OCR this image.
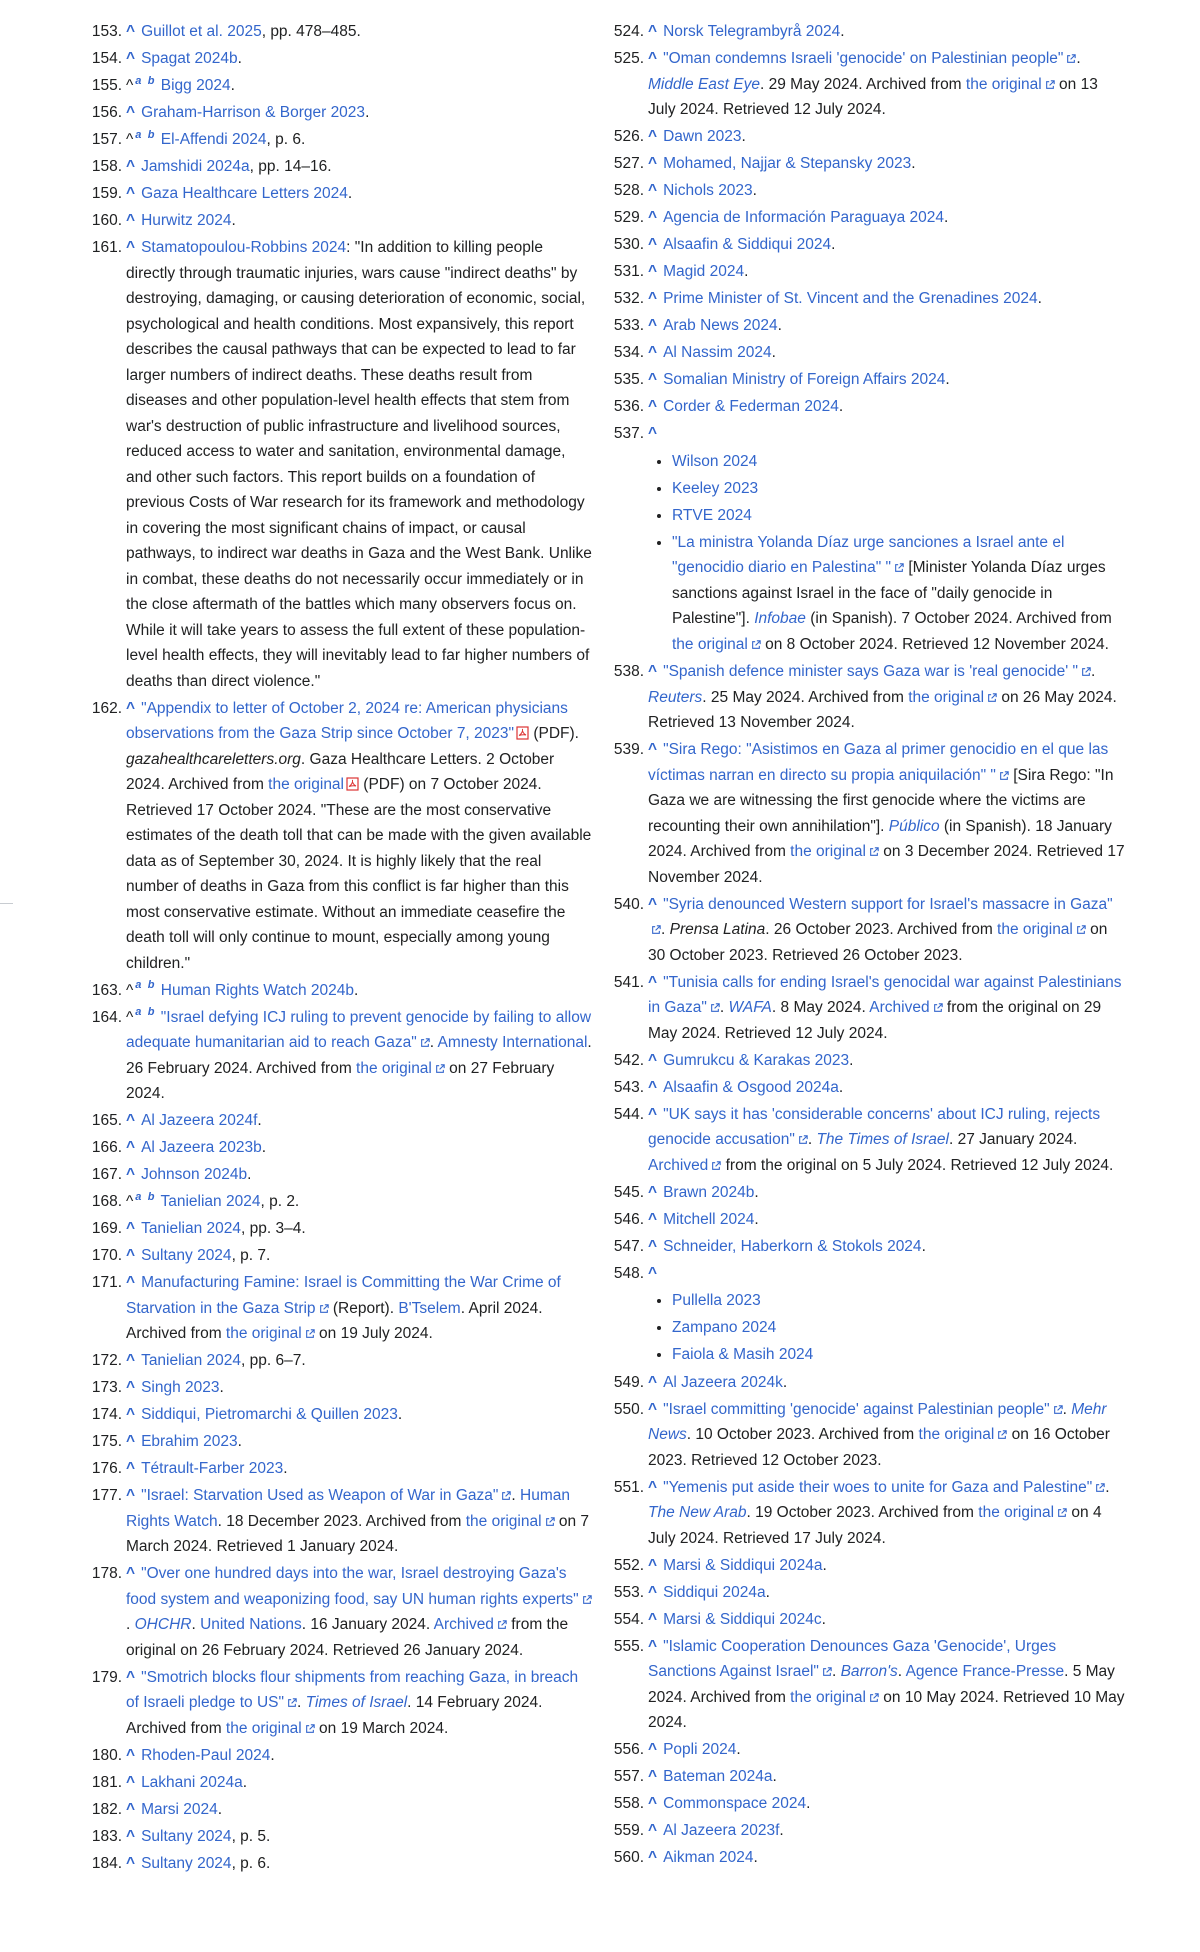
153. ^ Guillot et al. 2025, pp. 478–485.
154. ^ Spagat 2024b.
155. ^ $^a$ $^b$ Bigg 2024.
156. ^ Graham-Harrison & Borger 2023.
157. ^ $^a$ $^b$ El-Affendi 2024, p. 6.
158. ^ Jamshidi 2024a, pp. 14–16.
159. ^ Gaza Healthcare Letters 2024.
160. ^ Hurwitz 2024.
161. ^ Stamatopoulou-Robbins 2024: "In addition to killing people directly through traumatic injuries, wars cause "indirect deaths" by destroying, damaging, or causing deterioration of economic, social, psychological and health conditions. Most expansively, this report describes the causal pathways that can be expected to lead to far larger numbers of indirect deaths. These deaths result from diseases and other population-level health effects that stem from war's destruction of public infrastructure and livelihood sources, reduced access to water and sanitation, environmental damage, and other such factors. This report builds on a foundation of previous Costs of War research for its framework and methodology in covering the most significant chains of impact, or causal pathways, to indirect war deaths in Gaza and the West Bank. Unlike in combat, these deaths do not necessarily occur immediately or in the close aftermath of the battles which many observers focus on. While it will take years to assess the full extent of these population-level health effects, they will inevitably lead to far higher numbers of deaths than direct violence."
162. ^ "Appendix to letter of October 2, 2024 re: American physicians observations from the Gaza Strip since October 7, 2023" (PDF). gazahealthcareletters.org. Gaza Healthcare Letters. 2 October 2024. Archived from the original (PDF) on 7 October 2024. Retrieved 17 October 2024. "These are the most conservative estimates of the death toll that can be made with the given available data as of September 30, 2024. It is highly likely that the real number of deaths in Gaza from this conflict is far higher than this most conservative estimate. Without an immediate ceasefire the death toll will only continue to mount, especially among young children."
163. ^ $^a$ $^b$ Human Rights Watch 2024b.
164. ^ $^a$ $^b$ "Israel defying ICJ ruling to prevent genocide by failing to allow adequate humanitarian aid to reach Gaza" . Amnesty International. 26 February 2024. Archived from the original on 27 February 2024.
165. ^ Al Jazeera 2024f.
166. ^ Al Jazeera 2023b.
167. ^ Johnson 2024b.
168. ^ $^a$ $^b$ Tanielian 2024, p. 2.
169. ^ Tanielian 2024, pp. 3–4.
170. ^ Sultany 2024, p. 7.
171. ^ Manufacturing Famine: Israel is Committing the War Crime of Starvation in the Gaza Strip (Report). B'Tselem. April 2024. Archived from the original on 19 July 2024.
172. ^ Tanielian 2024, pp. 6–7.
173. ^ Singh 2023.
174. ^ Siddiqui, Pietromarchi & Quillen 2023.
175. ^ Ebrahim 2023.
176. ^ Tétrault-Farber 2023.
177. ^ "Israel: Starvation Used as Weapon of War in Gaza" . Human Rights Watch. 18 December 2023. Archived from the original on 7 March 2024. Retrieved 1 January 2024.
178. ^ "Over one hundred days into the war, Israel destroying Gaza's food system and weaponizing food, say UN human rights experts". OHCHR. United Nations. 16 January 2024. Archived from the original on 26 February 2024. Retrieved 26 January 2024.
179. ^ "Smotrich blocks flour shipments from reaching Gaza, in breach of Israeli pledge to US" . Times of Israel. 14 February 2024. Archived from the original on 19 March 2024.
180. ^ Rhoden-Paul 2024.
181. ^ Lakhani 2024a.
182. ^ Marsi 2024.
183. ^ Sultany 2024, p. 5.
184. ^ Sultany 2024, p. 6.
524. ^ Norsk Telegrambyrå 2024.
525. ^ "Oman condemns Israeli 'genocide' on Palestinian people" . Middle East Eye. 29 May 2024. Archived from the original on 13 July 2024. Retrieved 12 July 2024.
526. ^ Dawn 2023.
527. ^ Mohamed, Najjar & Stepansky 2023.
528. ^ Nichols 2023.
529. ^ Agencia de Información Paraguaya 2024.
530. ^ Alsaafin & Siddiqui 2024.
531. ^ Magid 2024.
532. ^ Prime Minister of St. Vincent and the Grenadines 2024.
533. ^ Arab News 2024.
534. ^ Al Nassim 2024.
535. ^ Somalian Ministry of Foreign Affairs 2024.
536. ^ Corder & Federman 2024.
537. ^
• Wilson 2024
• Keeley 2023
• RTVE 2024
• "La ministra Yolanda Díaz urge sanciones a Israel ante el "genocidio diario en Palestina" " [Minister Yolanda Díaz urges sanctions against Israel in the face of "daily genocide in Palestine"]. Infobae (in Spanish). 7 October 2024. Archived from the original on 8 October 2024. Retrieved 12 November 2024.
538. ^ "Spanish defence minister says Gaza war is 'real genocide' " . Reuters. 25 May 2024. Archived from the original on 26 May 2024. Retrieved 13 November 2024.
539. ^ "Sira Rego: "Asistimos en Gaza al primer genocidio en el que las víctimas narran en directo su propia aniquilación" " [Sira Rego: "In Gaza we are witnessing the first genocide where the victims are recounting their own annihilation"]. Público (in Spanish). 18 January 2024. Archived from the original on 3 December 2024. Retrieved 17 November 2024.
540. ^ "Syria denounced Western support for Israel's massacre in Gaza". Prensa Latina. 26 October 2023. Archived from the original on 30 October 2023. Retrieved 26 October 2023.
541. ^ "Tunisia calls for ending Israel's genocidal war against Palestinians in Gaza" . WAFA. 8 May 2024. Archived from the original on 29 May 2024. Retrieved 12 July 2024.
542. ^ Gumrukcu & Karakas 2023.
543. ^ Alsaafin & Osgood 2024a.
544. ^ "UK says it has 'considerable concerns' about ICJ ruling, rejects genocide accusation" . The Times of Israel. 27 January 2024. Archived from the original on 5 July 2024. Retrieved 12 July 2024.
545. ^ Brawn 2024b.
546. ^ Mitchell 2024.
547. ^ Schneider, Haberkorn & Stokols 2024.
548. ^
• Pullella 2023
• Zampano 2024
• Faiola & Masih 2024
549. ^ Al Jazeera 2024k.
550. ^ "Israel committing 'genocide' against Palestinian people" . Mehr News. 10 October 2023. Archived from the original on 16 October 2023. Retrieved 12 October 2023.
551. ^ "Yemenis put aside their woes to unite for Gaza and Palestine" . The New Arab. 19 October 2023. Archived from the original on 4 July 2024. Retrieved 17 July 2024.
552. ^ Marsi & Siddiqui 2024a.
553. ^ Siddiqui 2024a.
554. ^ Marsi & Siddiqui 2024c.
555. ^ "Islamic Cooperation Denounces Gaza 'Genocide', Urges Sanctions Against Israel" . Barron's. Agence France-Presse. 5 May 2024. Archived from the original on 10 May 2024. Retrieved 10 May 2024.
556. ^ Popli 2024.
557. ^ Bateman 2024a.
558. ^ Commonspace 2024.
559. ^ Al Jazeera 2023f.
560. ^ Aikman 2024.
